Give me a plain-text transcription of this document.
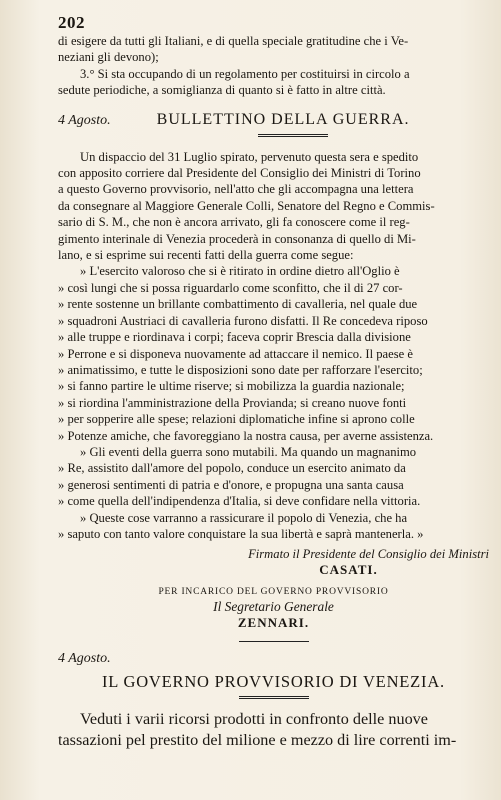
202

di esigere da tutti gli Italiani, e di quella speciale gratitudine che i Ve-

neziani gli devono);

3.° Si sta occupando di un regolamento per costituirsi in circolo a

sedute periodiche, a somiglianza di quanto si è fatto in altre città.

4 Agosto.	BULLETTINO DELLA GUERRA.

Un dispaccio del 31 Luglio spirato, pervenuto questa sera e spedito

con apposito corriere dal Presidente del Consiglio dei Ministri di Torino

a questo Governo provvisorio, nell'atto che gli accompagna una lettera

da consegnare al Maggiore Generale Colli, Senatore del Regno e Commis-

sario di S. M., che non è ancora arrivato, gli fa conoscere come il reg-

gimento interinale di Venezia procederà in consonanza di quello di Mi-

lano, e si esprime sui recenti fatti della guerra come segue:

» L'esercito valoroso che si è ritirato in ordine dietro all'Oglio è

» così lungi che si possa riguardarlo come sconfitto, che il di 27 cor-

» rente sostenne un brillante combattimento di cavalleria, nel quale due

» squadroni Austriaci di cavalleria furono disfatti. Il Re concedeva riposo

» alle truppe e riordinava i corpi; faceva coprir Brescia dalla divisione

» Perrone e si disponeva nuovamente ad attaccare il nemico. Il paese è

» animatissimo, e tutte le disposizioni sono date per rafforzare l'esercito;

» si fanno partire le ultime riserve; si mobilizza la guardia nazionale;

» si riordina l'amministrazione della Provianda; si creano nuove fonti

» per sopperire alle spese; relazioni diplomatiche infine si aprono colle

» Potenze amiche, che favoreggiano la nostra causa, per averne assistenza.

» Gli eventi della guerra sono mutabili. Ma quando un magnanimo

» Re, assistito dall'amore del popolo, conduce un esercito animato da

» generosi sentimenti di patria e d'onore, e propugna una santa causa

» come quella dell'indipendenza d'Italia, si deve confidare nella vittoria.

» Queste cose varranno a rassicurare il popolo di Venezia, che ha

» saputo con tanto valore conquistare la sua libertà e saprà mantenerla. »

Firmato il Presidente del Consiglio dei Ministri
CASATI.
PER INCARICO DEL GOVERNO PROVVISORIO
Il Segretario Generale
ZENNARI.
4 Agosto.
IL GOVERNO PROVVISORIO DI VENEZIA.

Veduti i varii ricorsi prodotti in confronto delle nuove

tassazioni pel prestito del milione e mezzo di lire correnti im-
